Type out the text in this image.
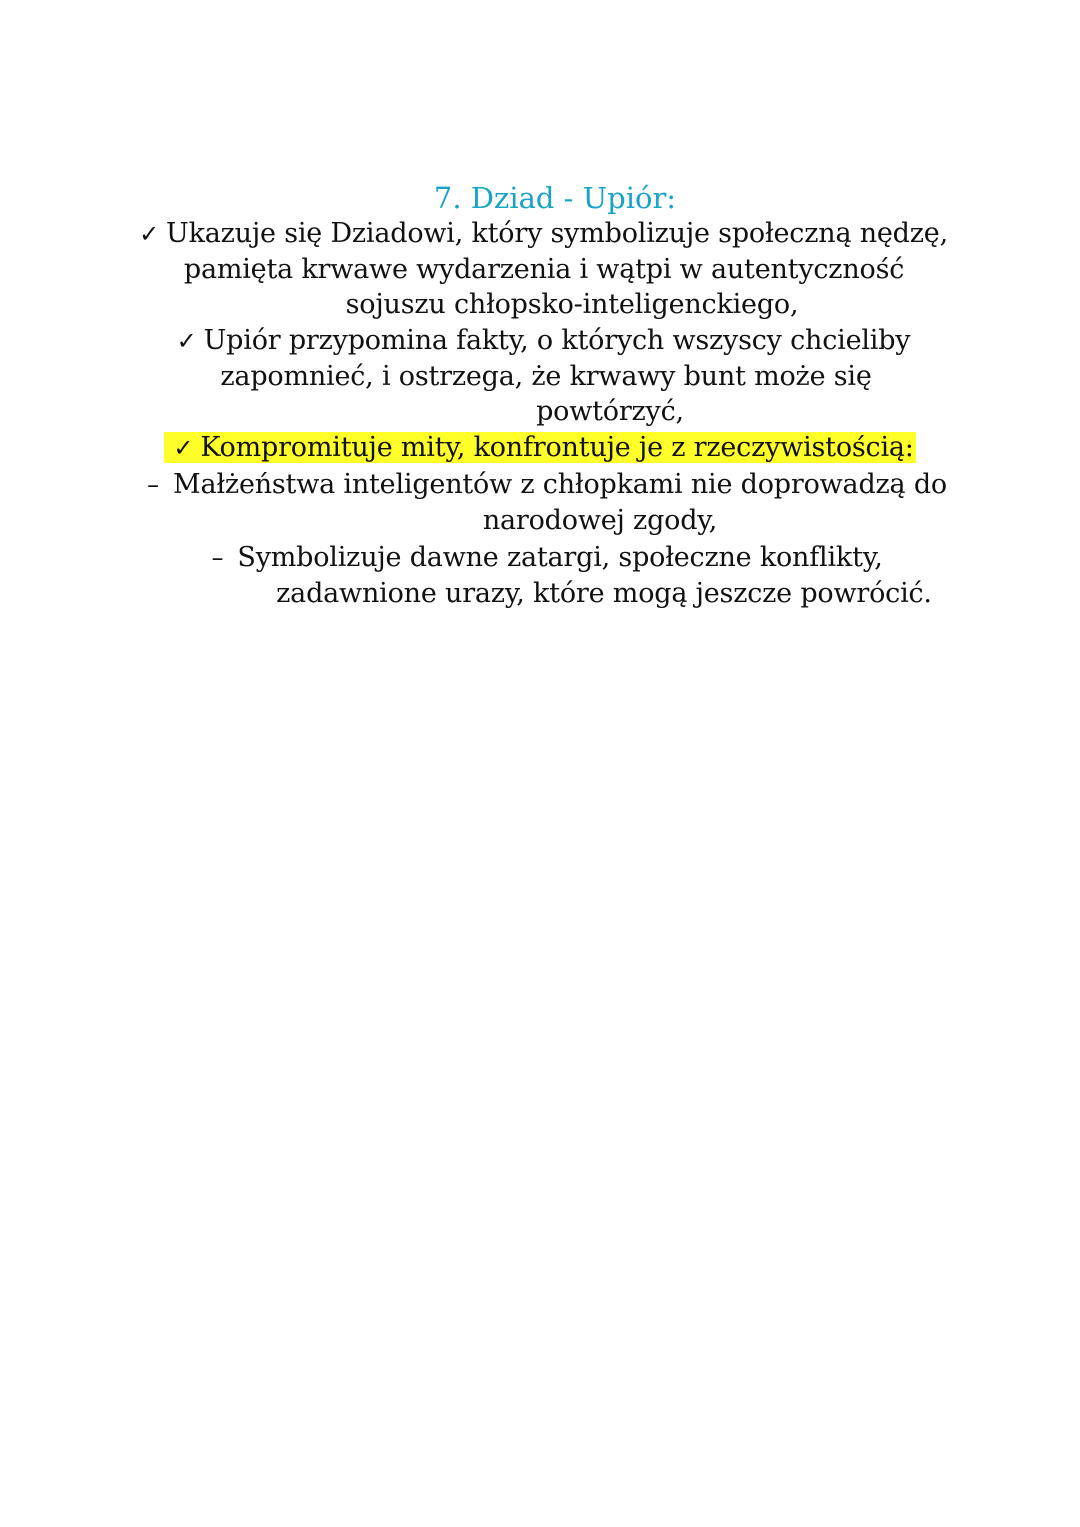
7. Dziad - Upiór:
✓ Ukazuje się Dziadowi, który symbolizuje społeczną nędzę,
pamięta krwawe wydarzenia i wątpi w autentyczność
sojuszu chłopsko-inteligenckiego,
✓ Upiór przypomina fakty, o których wszyscy chcieliby
zapomnieć, i ostrzega, że krwawy bunt może się
powtórzyć,
✓ Kompromituje mity, konfrontuje je z rzeczywistością:
– Małżeństwa inteligentów z chłopkami nie doprowadzą do
narodowej zgody,
– Symbolizuje dawne zatargi, społeczne konflikty,
zadawnione urazy, które mogą jeszcze powrócić.
